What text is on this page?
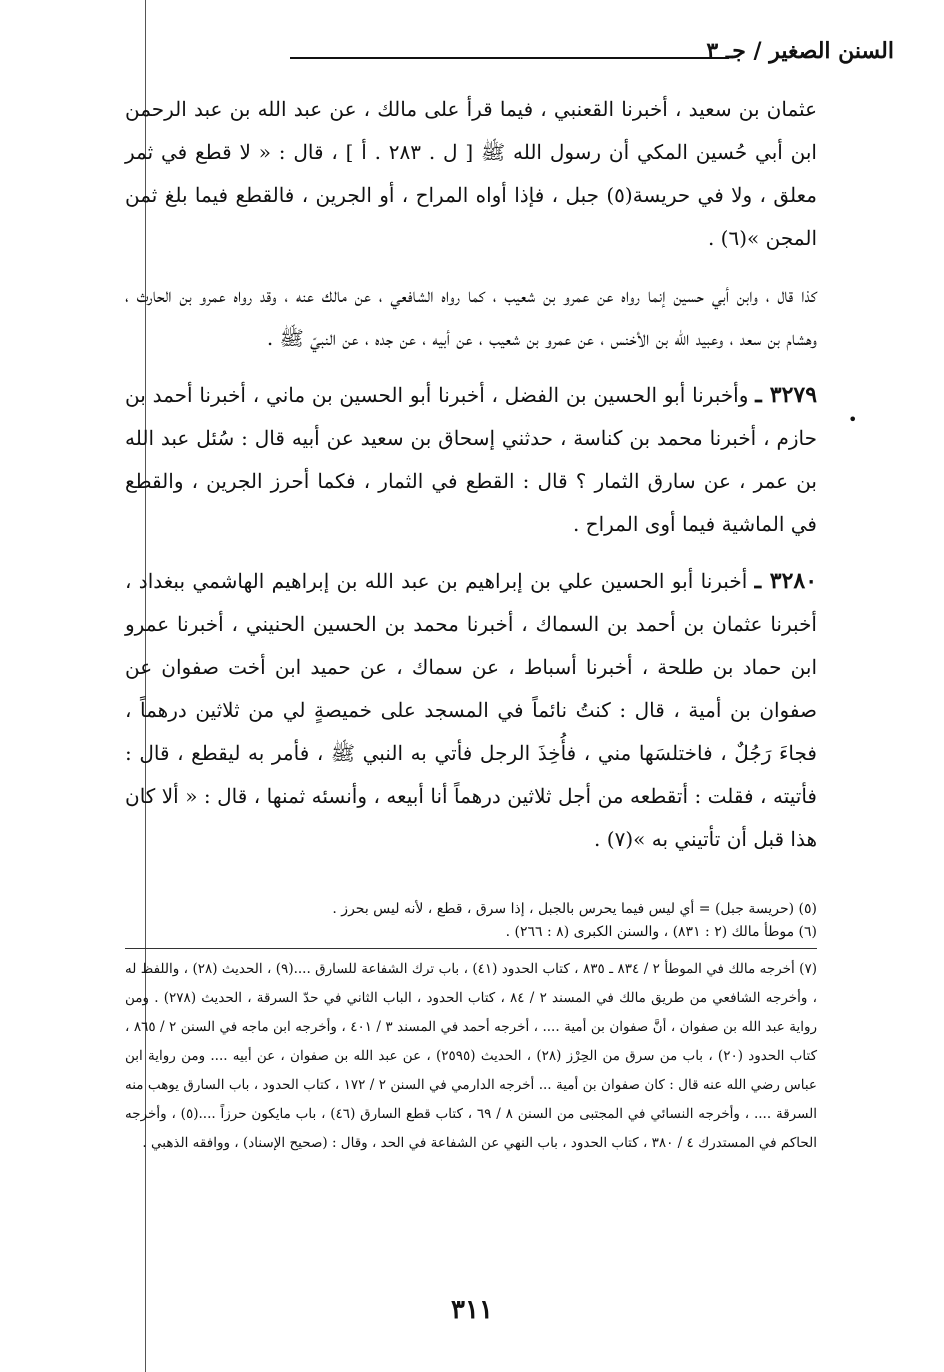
السنن الصغير / جـ ٣
•

عثمان بن سعيد ، أخبرنا القعنبي ، فيما قرأ على مالك ، عن عبد الله بن عبد الرحمن ابن أبي حُسين المكي أن رسول الله ﷺ [ ل . ٢٨٣ . أ ] ، قال : « لا قطع في ثمر معلق ، ولا في حريسة(٥) جبل ، فإذا أواه المراح ، أو الجرين ، فالقطع فيما بلغ ثمن المجن »(٦) .

كذا قال ، وابن أبي حسين إنما رواه عن عمرو بن شعيب ، كما رواه الشافعي ، عن مالك عنه ، وقد رواه عمرو بن الحارث ، وهشام بن سعد ، وعبيد الله بن الأخنس ، عن عمرو بن شعيب ، عن أبيه ، عن جده ، عن النبيّ ﷺ .

٣٢٧٩ ـ وأخبرنا أبو الحسين بن الفضل ، أخبرنا أبو الحسين بن ماني ، أخبرنا أحمد بن حازم ، أخبرنا محمد بن كناسة ، حدثني إسحاق بن سعيد عن أبيه قال : سُئل عبد الله بن عمر ، عن سارق الثمار ؟ قال : القطع في الثمار ، فكما أحرز الجرين ، والقطع في الماشية فيما أوى المراح .

٣٢٨٠ ـ أخبرنا أبو الحسين علي بن إبراهيم بن عبد الله بن إبراهيم الهاشمي ببغداد ، أخبرنا عثمان بن أحمد بن السماك ، أخبرنا محمد بن الحسين الحنيني ، أخبرنا عمرو ابن حماد بن طلحة ، أخبرنا أسباط ، عن سماك ، عن حميد ابن أخت صفوان عن صفوان بن أمية ، قال : كنتُ نائماً في المسجد على خميصةٍ لي من ثلاثين درهماً ، فجاءَ رَجُلٌ ، فاختلسَها مني ، فأُخِذَ الرجل فأتي به النبي ﷺ ، فأمر به ليقطع ، قال : فأتيته ، فقلت : أتقطعه من أجل ثلاثين درهماً أنا أبيعه ، وأنسئه ثمنها ، قال : « ألا كان هذا قبل أن تأتيني به »(٧) .

(٥) (حريسة جبل) = أي ليس فيما يحرس بالجبل ، إذا سرق ، قطع ، لأنه ليس بحرز .

(٦) موطأ مالك (٢ : ٨٣١) ، والسنن الكبرى (٨ : ٢٦٦) .

(٧) أخرجه مالك في الموطأ ٢ / ٨٣٤ ـ ٨٣٥ ، كتاب الحدود (٤١) ، باب ترك الشفاعة للسارق ....(٩) ، الحديث (٢٨) ، واللفظ له ، وأخرجه الشافعي من طريق مالك في المسند ٢ / ٨٤ ، كتاب الحدود ، الباب الثاني في حدّ السرقة ، الحديث (٢٧٨) . ومن رواية عبد الله بن صفوان ، أنَّ صفوان بن أمية .... ، أخرجه أحمد في المسند ٣ / ٤٠١ ، وأخرجه ابن ماجه في السنن ٢ / ٨٦٥ ، كتاب الحدود (٢٠) ، باب من سرق من الحِرْز (٢٨) ، الحديث (٢٥٩٥) ، عن عبد الله بن صفوان ، عن أبيه .... ومن رواية ابن عباس رضي الله عنه قال : كان صفوان بن أمية ... أخرجه الدارمي في السنن ٢ / ١٧٢ ، كتاب الحدود ، باب السارق يوهب منه السرقة .... ، وأخرجه النسائي في المجتبى من السنن ٨ / ٦٩ ، كتاب قطع السارق (٤٦) ، باب مايكون حرزاً ....(٥) ، وأخرجه الحاكم في المستدرك ٤ / ٣٨٠ ، كتاب الحدود ، باب النهي عن الشفاعة في الحد ، وقال : (صحيح الإسناد) ، ووافقه الذهبي .

٣١١
